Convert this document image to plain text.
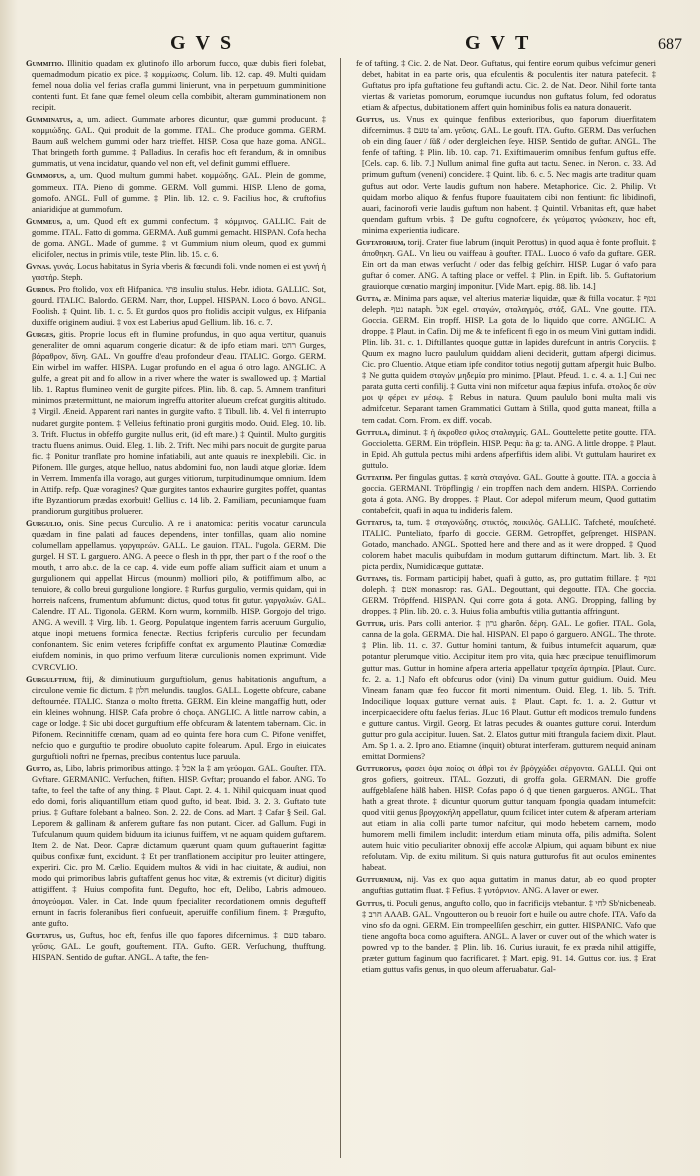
GVS	GVT	687

Gummitio. Illinitio quadam ex glutinofo illo arborum fucco, quæ dubis fieri folebat, quemadmodum picatio ex pice. ‡ κομμίωσις. Colum. lib. 12. cap. 49. Multi quidam femel noua dolia vel ferias crafla gummi linierunt, vna in perpetuum gumminitione contenti funt. Et fane quæ femel oleum cella combibit, alteram gumminationem non recipit.

Gumminatus, a, um. adiect. Gummate arbores dicuntur, quæ gummi producunt. ‡ κομμιώδης. GAL. Qui produit de la gomme. ITAL. Che produce gomma. GERM. Baum auß welchem gummi oder harz trieffet. HISP. Cosa que haze goma. ANGL. That bringeth forth gumme. ‡ Palladius. In cerafis hoc eft ferandum, & in omnibus gummatis, ut vena incidatur, quando vel non eft, vel definit gummi effluere.

Gummofus, a, um. Quod multum gummi habet. κομμώδης. GAL. Plein de gomme, gommeux. ITA. Pieno di gomme. GERM. Voll gummi. HISP. Lleno de goma, gomofo. ANGL. Full of gumme. ‡ Plin. lib. 12. c. 9. Facilius hoc, & cruftofius aniaridiq́ue at gummofum.

Gummeus, a, um. Quod eft ex gummi confectum. ‡ κόμμινος. GALLIC. Fait de gomme. ITAL. Fatto di gomma. GERMA. Auß gummi gemacht. HISPAN. Cofa hecha de goma. ANGL. Made of gumme. ‡ vt Gummium nium oleum, quod ex gummi elicifoler, nectus in primis vtile, teste Plin. lib. 15. c. 6.

Gvnas. γυνάς. Locus habitatus in Syria vberis & fœcundi foli. vnde nomen ei est γυνή ἡ γαστήρ. Steph.

Gurdus. Pro ftolido, vox eft Hifpanica. פתי insuliu stulus. Hebr. idiota. GALLIC. Sot, gourd. ITALIC. Balordo. GERM. Narr, thor, Luppel. HISPAN. Loco ó bovo. ANGL. Foolish. ‡ Quint. lib. 1. c. 5. Et gurdos quos pro ftolidis accipit vulgus, ex Hifpania duxiffe originem audiui. ‡ vox est Laberius apud Gellium. lib. 16. c. 7.

Gurges, gitis. Proprie locus eft in flumine profundus, in quo aqua vertitur, quanuis generaliter de omni aquarum congerie dicatur: & de ipfo etiam mari. רהט Gurges, βάραθρον, δῖνη. GAL. Vn gouffre d'eau profondeur d'eau. ITALIC. Gorgo. GERM. Ein wirbel im waffer. HISPA. Lugar profundo en el agua ó otro lago. ANGLIC. A gulfe, a great pit and fo allow in a river where the water is swallowed up. ‡ Martial lib. 1. Raptus flumineo venit de gurgite pifces. Plin. lib. 8. cap. 5. Amnem tranfituri minimos prætermittunt, ne maiorum ingreffu attoriter alueum crefcat gurgitis altitudo. ‡ Virgil. Æneid. Apparent rari nantes in gurgite vafto. ‡ Tibull. lib. 4. Vel fi interrupto nudaret gurgite pontem. ‡ Velleius feftinatio proni gurgitis modo. Ouid. Eleg. 10. lib. 3. Trift. Fluctus in obfeffo gurgite nullus erit, (id eft mare.) ‡ Quintil. Multo gurgitis tractu fluens animus. Ouid. Eleg. 1. lib. 2. Trift. Nec mihi pars nocuit de gurgite parua fic. ‡ Ponitur tranflate pro homine infatiabili, aut ante quauis re inexplebili. Cic. in Pifonem. Ille gurges, atque helluo, natus abdomini fuo, non laudi atque gloriæ. Idem in Verrem. Immenfa illa vorago, aut gurges vitiorum, turpitudinumque omnium. Idem in Attifp. refp. Quæ voragines? Quæ gurgites tantos exhaurire gurgites poffet, quantas ifte Byzantiorum prædas exorbuit! Gellius c. 14 lib. 2. Familiam, pecuniamque fuam prandiorum gurgitibus proluerer.

Gurgulio, onis. Sine pecus Curculio. A re i anatomica: peritis vocatur caruncula quædam in fine palati ad fauces dependens, inter tonfillas, quam alio nomine columellam appellamus. γαργαρεών. GALL. Le gauion. ITAL. l'ugola. GERM. Die gurgel. H ST. L garguero. ANG. A peece o flesh in th ppr, ther part o f the roof o the mouth, t arro ab.c. de la ce cap. 4. vide eum poffe aliam sufficit aiam et unum a gurgulionem qui appellat Hircus (mounm) molliori pilo, & potiffimum albo, ac tenuiore, & collo breui gurgulione longiore. ‡ Rurfus gurgulio, vermis quidam, qui in horreis nafcens, frumentum abfumunt: dictus, quod totus fit gutur. γαργαλιών. GAL. Calendre. IT AL. Tigonola. GERM. Korn wurm, kornmilb. HISP. Gorgojo del trigo. ANG. A wevill. ‡ Virg. lib. 1. Georg. Populatque ingentem farris aceruum Gurgulio, atque inopi metuens formica fenectæ. Rectius fcripferis curculio per fecundam confonantem. Sic enim veteres fcripfiffe conftat ex argumento Plautinæ Comœdiæ eiufdem nominis, in quo primo verfuum literæ curculionis nomen exprimunt. Vide CVRCVLIO.

Gurgulftium, ftij, & diminutiuum gurguftiolum, genus habitationis anguftum, a circulone vemie fic dictum. ‡ חלון melundis. tauglos. GALL. Logette obfcure, cabane deftournée. ITALIC. Stanza o molto ftretta. GERM. Ein kleine mangaffig hutt, oder ein kleines wohnung. HISP. Cafa probre ó choça. ANGLIC. A little narrow cabin, a cage or lodge. ‡ Sic ubi docet gurguftium effe obfcuram & latentem tabernam. Cic. in Pifonem. Recinnitiffe cœnam, quam ad eo quinta fere hora cum C. Pifone veniffet, nefcio quo e gurguftio te prodire obuoluto capite folearum. Apul. Ergo in eiuicates gurguftioli noftri ne fpernas, precibus contentus luce paruula.

Gufto, as, Libo, labris primoribus attingo. ‡ אכל la ‡ am γεύομαι. GAL. Gouſter. ITA. Gvftare. GERMANIC. Verfuchen, ftiften. HISP. Gvftar; prouando el fabor. ANG. To tafte, to feel the tafte of any thing. ‡ Plaut. Capt. 2. 4. 1. Nihil quicquam inuat quod edo domi, foris aliquantillum etiam quod gufto, id beat. Ibid. 3. 2. 3. Guftato tute prius. ‡ Guftare folebant a balneo. Son. 2. 22. de Cons. ad Mart. ‡ Cafar § Seil. Gal. Leporem & gallinam & anferem guftare fas non putant. Cicer. ad Gallum. Fugi in Tufculanum quum quidem biduum ita iciunus fuiffem, vt ne aquam quidem guftarem. Item 2. de Nat. Deor. Capræ dictamum quærunt quam quum guftauerint fagittæ quibus confixæ funt, excidunt. ‡ Et per tranflationem accipitur pro leuiter attingere, experiri. Cic. pro M. Cælio. Equidem multos & vidi in hac ciuitate, & audiui, non modo qui primoribus labris guftaffent genus hoc vitæ, & extremis (vt dicitur) digitis attigiffent. ‡ Huius compofita funt. Degufto, hoc eft, Delibo, Labris admoueo. ἀπογεύομαι. Valer. in Cat. Inde quum fpecialiter recordationem omnis degufteff ernunt in facris foleranibus fieri confueuit, aperuiffe confilium finem. ‡ Prægufto, ante gufto.

Guftatus, us, Guftus, hoc eft, fenfus ille quo fapores difcernimus. ‡ סעם tabaro. γεῦσις. GAL. Le gouft, gouftement. ITA. Gufto. GER. Verſuchung, thufftung. HISPAN. Sentido de guftar. ANGL. A tafte, the fen-

fe of tafting. ‡ Cic. 2. de Nat. Deor. Guftatus, qui fentire eorum quibus vefcimur generi debet, habitat in ea parte oris, qua efculentis & poculentis iter natura patefecit. ‡ Guftatus pro ipfa guftatione feu guftandi actu. Cic. 2. de Nat. Deor. Nihil forte tanta viertas & varietas pomorum, eorumque iucundus non guftatus folum, fed odoratus etiam & afpectus, dubitationem affert quin hominibus folis ea natura donauerit.

Guftus, us. Vnus ex quinque fenfibus exterioribus, quo faporum diuerfitatem difcernimus. ‡ טעם taʿam. γεῦσις. GAL. Le gouft. ITA. Gufto. GERM. Das verſuchen ob ein ding ſauer / ſüß / oder dergleichen ſeye. HISP. Sentido de guftar. ANGL. The fenfe of tafting. ‡ Plin. lib. 10. cap. 71. Exiftimauerim omnibus fenfum guftus effe. [Cels. cap. 6. lib. 7.] Nullum animal fine gufta aut tactu. Senec. in Neron. c. 33. Ad primum guftum (veneni) concidere. ‡ Quint. lib. 6. c. 5. Nec magis arte traditur quam guftus aut odor. Verte laudis guftum non habere. Metaphorice. Cic. 2. Philip. Vt quidam morbo aliquo & fenfus ftupore fuauitatem cibi non fentiunt: fic libidinofi, auari, facinorofi verie laudis guftum non habent. ‡ Quintil. Vrbanitas eft, quæ habet quendam guftum vrbis. ‡ De guftu cognofcere, ἐκ γεύματος γνώσκειν, hoc eft, minima experientia iudicare.

Guftatorium, torij. Crater fiue labrum (inquit Perottus) in quod aqua è fonte profluit. ‡ ἀποθηκη. GAL. Vn lieu ou vaiffeau à goufter. ITAL. Luoco ó vafo da guftare. GER. Ein ort da man etwas verſucht / oder das felbig geſchirr. HISP. Lugar ó vafo para guftar ó comer. ANG. A tafting place or veffel. ‡ Plin. in Epift. lib. 5. Guftatorium grauiorque cœnatio marginj imponitur. [Vide Mart. epig. 88. lib. 14.]

Gutta, æ. Minima pars aquæ, vel alterius materiæ liquidæ, quæ & ftilla vocatur. ‡ נטף deleph. נטף nataph. אגל egel. σταγών, σταλαγμός, στάξ. GAL. Vne goutte. ITA. Goccia. GERM. Ein tropff. HISP. La gota de lo liquido que corre. ANGLIC. A droppe. ‡ Plaut. in Cafin. Dij me & te infeficent fi ego in os meum Vini guttam indidi. Plin. lib. 31. c. 1. Diftillantes quoque guttæ in lapides durefcunt in antris Coryciis. ‡ Quum ex magno lucro paululum quiddam alieni deciderit, guttam afpergi dicimus. Cic. pro Cluentio. Atque etiam ipfe conditor totius negotij guttam afpergit huic Bulbo. ‡ Ne gutta quidem σταγών μηδεμία pro minimo. [Plaut. Pfeud. 1. c. 4. a. 1.] Cui nec parata gutta certi confilij. ‡ Gutta vini non mifcetur aqua fæpius infufa. στολος δε σὺν μοι ψ φέρει εν μέσῳ. ‡ Rebus in natura. Quum paululo boni multa mali vis admifcetur. Separant tamen Grammatici Guttam à Stilla, quod gutta maneat, ftilla a tem cadat. Corn. From. ex diff. vocab.

Guttula, diminut. ‡ ἡ ἀκροθεσ φιλος σταλαγμίς. GAL. Gouttelette petite goutte. ITA. Goccioletta. GERM. Ein tröpflein. HISP. Pequ: ña g: ta. ANG. A little droppe. ‡ Plaut. in Epid. Ah guttula pectus mihi ardens afperfiftis idem alibi. Vt guttulam hauriret ex guttulo.

Guttatim. Per fingulas guttas. ‡ κατὰ σταγόνα. GAL. Goutte à goutte. ITA. a goccia à goccia. GERMANI. Tröpflingig / ein tropffen nach dem andern. HISPA. Corriendo gota á gota. ANG. By droppes. ‡ Plaut. Cor adepol miferum meum, Quod guttatim contabefcit, quafi in aqua tu indideris falem.

Guttatus, ta, tum. ‡ σταγονώδης. στικτός, ποικιλός. GALLIC. Tafcheté, mouſcheté. ITALIC. Punteliato, fparfo di goccie. GERM. Getropffet, geſprenget. HISPAN. Gotado, manchado. ANGL. Spotted here and there and as it were dropped. ‡ Quod colorem habet maculis quibufdam in modum guttarum diftinctum. Mart. lib. 3. Et picta perdix, Numidicæque guttatæ.

Guttans, tis. Formam participij habet, quafi à gutto, as, pro guttatim ftillare. ‡ נטף doleph. ‡ אטם monasrop: ras. GAL. Degouttant, qui degoutte. ITA. Che goccia. GERM. Tröpffend. HISPAN. Qui corre gota á gota. ANG. Dropping, falling by droppes. ‡ Plin. lib. 20. c. 3. Huius folia ambuftis vtilia guttantia affringunt.

Guttur, uris. Pars colli anterior. ‡ גרון gharôn. δέρη. GAL. Le gofier. ITAL. Gola, canna de la gola. GERMA. Die hal. HISPAN. El papo ó garguero. ANGL. The throte. ‡ Plin. lib. 11. c. 37. Guttur homini tantum, & fuibus intumefcit aquarum, quæ potantur plerumque vitio. Accipitur item pro vita, quia hæc præcipue tenuiflimorum guttur mas. Guttur in homine afpera arteria appellatur τραχεῖα ἀρτηρία. [Plaut. Curc. fc. 2. a. 1.] Nafo eft obfcurus odor (vini) Da vinum guttur guidium. Ouid. Meu Vineam fanam quæ feo fuccor fit morti nimentum. Ouid. Eleg. 1. lib. 5. Trift. Indocilique loquax gutture vernat auis. ‡ Plaut. Capt. fc. 1. a. 2. Guttur vt incerpicaecidere oftu faelus ferias. JLuc 16 Plaut. Guttur eft modicos tremulo fundens e gutture cantus. Virgil. Georg. Et latras pecudes & ouantes gutture corui. Interdum guttur pro gula accipitur. Iuuen. Sat. 2. Elatos guttur miti ftrangula faciem dixit. Plaut. Am. Sp 1. a. 2. Ipro ano. Etiamne (inquit) obturat interferam. gutturem nequid aninam emittat Dormiens?

Gutturofus, φασει ὀψα ποίος σι ἀθρὶ τοι ἐν βρόγχώδει σέργοντα. GALLI. Qui ont gros gofiers, goitreux. ITAL. Gozzuti, di groffa gola. GERMAN. Die groffe auffgeblaſene hälß haben. HISP. Cofas papo ó q̃ que tienen gargueros. ANGL. That hath a great throte. ‡ dicuntur quorum guttur tanquam fpongia quadam intumefcit: quod vitii genus βρογχοκήλη appellatur, quum fcilicet inter cutem & afperam arteriam aut etiam in alia colli parte tumor nafcitur, qui modo hebetem carnem, modo humorem melli fimilem includit: interdum etiam minuta offa, pilis admifta. Solent autem huic vitio peculiariter obnoxij effe accolæ Alpium, qui aquam bibunt ex niue refolutam. Vip. de exitu militum. Si quis natura gutturofus fit aut oculos eminentes habeat.

Gutturnium, nij. Vas ex quo aqua guttatim in manus datur, ab eo quod propter anguftias guttatim fluat. ‡ Fefius. ‡ γυτόρνιον. ANG. A laver or ewer.

Guttus, ti. Poculi genus, angufto collo, quo in facrificijs vtebantur. ‡ לחי Sb'nicbeneab. ‡ חרב ΑΛΑΒ. GAL. Vngoutteron ou b reuoir fort e huile ou autre chofe. ITA. Vafo da vino sfo da ogni. GERM. Ein trompeelſiſen geschirr, ein gutter. HISPANIC. Vafo que tiene angofta boca como aguiftera. ANGL. A laver or cuver out of the which water is powred vp to the bander. ‡ Plin. lib. 16. Curius iurauit, fe ex præda nihil attigiffe, præter guttum faginum quo facrificaret. ‡ Mart. epig. 91. 14. Guttus cor. ius. ‡ Erat etiam guttus vafis genus, in quo oleum afferuabatur. Gal-
